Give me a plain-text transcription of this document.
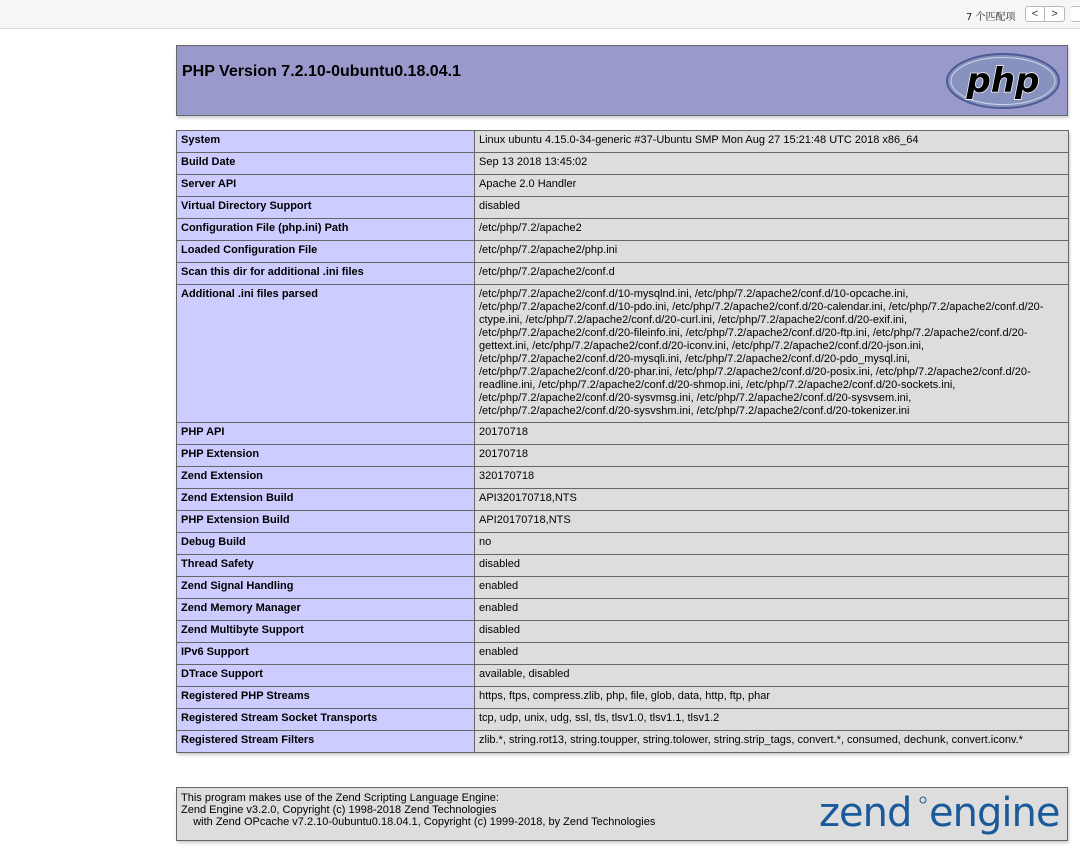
7 个匹配项 < >
PHP Version 7.2.10-0ubuntu0.18.04.1	php
System	Linux ubuntu 4.15.0-34-generic #37-Ubuntu SMP Mon Aug 27 15:21:48 UTC 2018 x86_64
Build Date	Sep 13 2018 13:45:02
Server API	Apache 2.0 Handler
Virtual Directory Support	disabled
Configuration File (php.ini) Path	/etc/php/7.2/apache2
Loaded Configuration File	/etc/php/7.2/apache2/php.ini
Scan this dir for additional .ini files	/etc/php/7.2/apache2/conf.d
Additional .ini files parsed	/etc/php/7.2/apache2/conf.d/10-mysqlnd.ini, /etc/php/7.2/apache2/conf.d/10-opcache.ini, /etc/php/7.2/apache2/conf.d/10-pdo.ini, /etc/php/7.2/apache2/conf.d/20-calendar.ini, /etc/php/7.2/apache2/conf.d/20-ctype.ini, /etc/php/7.2/apache2/conf.d/20-curl.ini, /etc/php/7.2/apache2/conf.d/20-exif.ini, /etc/php/7.2/apache2/conf.d/20-fileinfo.ini, /etc/php/7.2/apache2/conf.d/20-ftp.ini, /etc/php/7.2/apache2/conf.d/20-gettext.ini, /etc/php/7.2/apache2/conf.d/20-iconv.ini, /etc/php/7.2/apache2/conf.d/20-json.ini, /etc/php/7.2/apache2/conf.d/20-mysqli.ini, /etc/php/7.2/apache2/conf.d/20-pdo_mysql.ini, /etc/php/7.2/apache2/conf.d/20-phar.ini, /etc/php/7.2/apache2/conf.d/20-posix.ini, /etc/php/7.2/apache2/conf.d/20-readline.ini, /etc/php/7.2/apache2/conf.d/20-shmop.ini, /etc/php/7.2/apache2/conf.d/20-sockets.ini, /etc/php/7.2/apache2/conf.d/20-sysvmsg.ini, /etc/php/7.2/apache2/conf.d/20-sysvsem.ini, /etc/php/7.2/apache2/conf.d/20-sysvshm.ini, /etc/php/7.2/apache2/conf.d/20-tokenizer.ini
PHP API	20170718
PHP Extension	20170718
Zend Extension	320170718
Zend Extension Build	API320170718,NTS
PHP Extension Build	API20170718,NTS
Debug Build	no
Thread Safety	disabled
Zend Signal Handling	enabled
Zend Memory Manager	enabled
Zend Multibyte Support	disabled
IPv6 Support	enabled
DTrace Support	available, disabled
Registered PHP Streams	https, ftps, compress.zlib, php, file, glob, data, http, ftp, phar
Registered Stream Socket Transports	tcp, udp, unix, udg, ssl, tls, tlsv1.0, tlsv1.1, tlsv1.2
Registered Stream Filters	zlib.*, string.rot13, string.toupper, string.tolower, string.strip_tags, convert.*, consumed, dechunk, convert.iconv.*
This program makes use of the Zend Scripting Language Engine:
Zend Engine v3.2.0, Copyright (c) 1998-2018 Zend Technologies
with Zend OPcache v7.2.10-0ubuntu0.18.04.1, Copyright (c) 1999-2018, by Zend Technologies	zend engine
